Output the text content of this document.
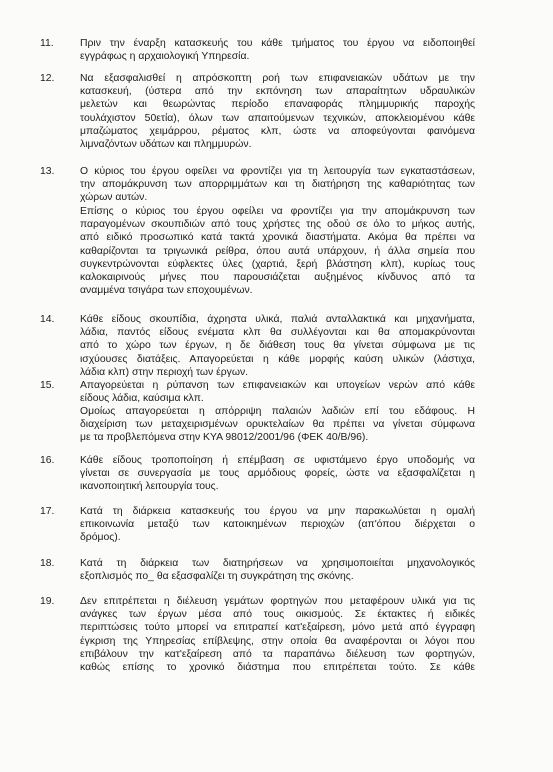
11.	Πριν την έναρξη κατασκευής του κάθε τμήματος του έργου να ειδοποιηθεί
εγγράφως η αρχαιολογική Υπηρεσία.
12. Να εξασφαλισθεί η απρόσκοπτη ροή των επιφανειακών υδάτων με την
κατασκευή, (ύστερα από την εκπόνηση των απαραίτητων υδραυλικών
μελετών και θεωρώντας περίοδο επαναφοράς πλημμυρικής παροχής
τουλάχιστον 50ετία), όλων των απαιτούμενων τεχνικών, αποκλειομένου κάθε
μπαζώματος χειμάρρου, ρέματος κλπ, ώστε να αποφεύγονται φαινόμενα
λιμναζόντων υδάτων και πλημμυρών.
13. Ο κύριος του έργου οφείλει να φροντίζει για τη λειτουργία των εγκαταστάσεων,
την απομάκρυνση των απορριμμάτων και τη διατήρηση της καθαριότητας των
χώρων αυτών.
Επίσης ο κύριος του έργου οφείλει να φροντίζει για την απομάκρυνση των
παραγομένων σκουπιδιών από τους χρήστες της οδού σε όλο το μήκος αυτής,
από ειδικό προσωπικό κατά τακτά χρονικά διαστήματα. Ακόμα θα πρέπει να
καθαρίζονται τα τριγωνικά ρείθρα, όπου αυτά υπάρχουν, ή άλλα σημεία που
συγκεντρώνονται εύφλεκτες ύλες (χαρτιά, ξερή βλάστηση κλπ), κυρίως τους
καλοκαιρινούς μήνες που παρουσιάζεται αυξημένος κίνδυνος από τα
αναμμένα τσιγάρα των εποχουμένων.
14. Κάθε είδους σκουπίδια, άχρηστα υλικά, παλιά ανταλλακτικά και μηχανήματα,
λάδια, παντός είδους ενέματα κλπ θα συλλέγονται και θα απομακρύνονται
από το χώρο των έργων, η δε διάθεση τους θα γίνεται σύμφωνα με τις
ισχύουσες διατάξεις. Απαγορεύεται η κάθε μορφής καύση υλικών (λάστιχα,
λάδια κλπ) στην περιοχή των έργων.
15. Απαγορεύεται η ρύπανση των επιφανειακών και υπογείων νερών από κάθε
είδους λάδια, καύσιμα κλπ.
Ομοίως απαγορεύεται η απόρριψη παλαιών λαδιών επί του εδάφους. Η
διαχείριση των μεταχειρισμένων ορυκτελαίων θα πρέπει να γίνεται σύμφωνα
με τα προβλεπόμενα στην ΚΥΑ 98012/2001/96 (ΦΕΚ 40/Β/96).
16. Κάθε είδους τροποποίηση ή επέμβαση σε υφιστάμενο έργο υποδομής να
γίνεται σε συνεργασία με τους αρμόδιους φορείς, ώστε να εξασφαλίζεται η
ικανοποιητική λειτουργία τους.
17. Κατά τη διάρκεια κατασκευής του έργου να μην παρακωλύεται η ομαλή
επικοινωνία μεταξύ των κατοικημένων περιοχών (απ'όπου διέρχεται ο
δρόμος).
18. Κατά τη διάρκεια των διατηρήσεων να χρησιμοποιείται μηχανολογικός
εξοπλισμός πο_ θα εξασφαλίζει τη συγκράτηση της σκόνης.
19. Δεν επιτρέπεται η διέλευση γεμάτων φορτηγών που μεταφέρουν υλικά για τις
ανάγκες των έργων μέσα από τους οικισμούς. Σε έκτακτες ή ειδικές
περιπτώσεις τούτο μπορεί να επιτραπεί κατ'εξαίρεση, μόνο μετά από έγγραφη
έγκριση της Υπηρεσίας επίβλεψης, στην οποία θα αναφέρονται οι λόγοι που
επιβάλουν την κατ'εξαίρεση από τα παραπάνω διέλευση των φορτηγών,
καθώς επίσης το χρονικό διάστημα που επιτρέπεται τούτο. Σε κάθε
